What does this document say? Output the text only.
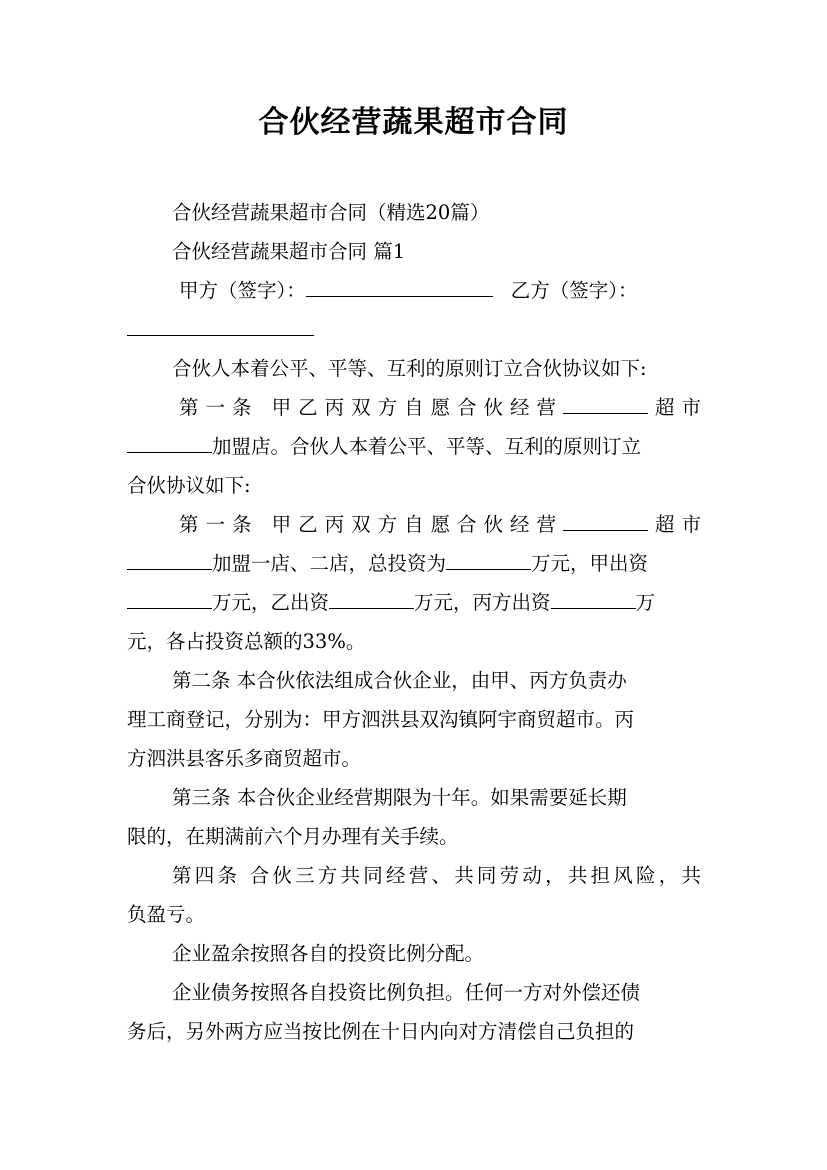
合伙经营蔬果超市合同
合伙经营蔬果超市合同（精选20篇）
合伙经营蔬果超市合同 篇1
甲方（签字）：	乙方（签字）：
合伙人本着公平、平等、互利的原则订立合伙协议如下:
第一条 甲乙丙双方自愿合伙经营	超市
加盟店。合伙人本着公平、平等、互利的原则订立
合伙协议如下:
第一条 甲乙丙双方自愿合伙经营	超市
加盟一店、二店，总投资为	万元，甲出资
万元，乙出资	万元，丙方出资	万
元，各占投资总额的33%。
第二条 本合伙依法组成合伙企业，由甲、丙方负责办
理工商登记，分别为：甲方泗洪县双沟镇阿宇商贸超市。丙
方泗洪县客乐多商贸超市。
第三条 本合伙企业经营期限为十年。如果需要延长期
限的，在期满前六个月办理有关手续。
第四条 合伙三方共同经营、共同劳动，共担风险，共
负盈亏。
企业盈余按照各自的投资比例分配。
企业债务按照各自投资比例负担。任何一方对外偿还债
务后，另外两方应当按比例在十日内向对方清偿自己负担的
